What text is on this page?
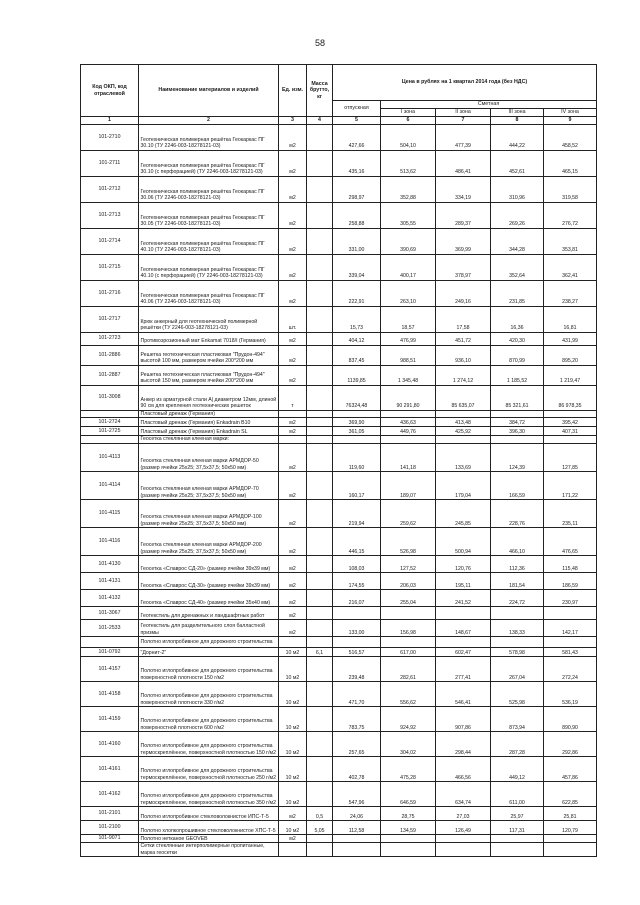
58
Код ОКП, код отраслевой	Наименование материалов и изделий	Ед. изм.	Масса брутто, кг	Цена в рублях на 1 квартал 2014 года (без НДС)				
				отпускная	Сметная			
					I зона	II зона	III зона	IV зона
1	2	3	4	5	6	7	8	9
101-2710	Геотехническая полимерная решётка Геокаркас ПГ 30.10 (ТУ 2246-003-18278121-03)	м2		427,66	504,10	477,39	444,22	458,52
101-2711	Геотехническая полимерная решётка Геокаркас ПГ 30.10 (с перфорацией) (ТУ 2246-003-18278121-03)	м2		435,16	513,62	486,41	452,61	465,15
101-2712	Геотехническая полимерная решётка Геокаркас ПГ 30.06 (ТУ 2246-003-18278121-03)	м2		298,97	352,88	334,19	310,96	319,58
101-2713	Геотехническая полимерная решётка Геокаркас ПГ 30.05 (ТУ 2246-003-18278121-03)	м2		258,88	305,55	289,37	269,26	276,72
101-2714	Геотехническая полимерная решётка Геокаркас ПГ 40.10 (ТУ 2246-003-18278121-03)	м2		331,00	390,69	369,99	344,28	353,81
101-2715	Геотехническая полимерная решётка Геокаркас ПГ 40.10 (с перфорацией) (ТУ 2246-003-18278121-03)	м2		339,04	400,17	378,97	352,64	362,41
101-2716	Геотехническая полимерная решётка Геокаркас ПГ 40.06 (ТУ 2246-003-18278121-03)	м2		222,91	263,10	249,16	231,85	238,27
101-2717	Крюк анкерный для геотехнической полимерной решётки (ТУ 2246-003-18278121-03)	шт.		15,73	18,57	17,58	16,36	16,81
101-2723	Противоэрозионный мат Enkamat 7018/I (Германия)	м2		404,12	476,99	451,72	420,30	431,99
101-2886	Решетка геотехническая пластиковая "Прудон-494" высотой 100 мм, размером ячейки 200*200 мм	м2		837,45	988,51	936,10	870,99	895,20
101-2887	Решетка геотехническая пластиковая "Прудон-494" высотой 150 мм, размером ячейки 200*200 мм	м2		1139,85	1 345,48	1 274,12	1 185,52	1 219,47
101-3008	Анкер из арматурной стали А| диаметром 12мм, длиной 90 см для крепления геотехнических решеток	т		76324,48	90 291,80	85 635,07	85 321,61	86 978,35
	Пластовый дренаж (Германия)							
101-2724	Пластовый дренаж (Германия) Enkadrain B10	м2		369,90	436,63	413,48	384,72	395,42
101-2725	Пластовый дренаж (Германия) Enkadrain SL	м2		361,05	449,76	425,92	396,30	407,31
	Геосетка стеклянная клееная марки:							
101-4113	Геосетка стеклянная клееная марки АРМДОР-50 (размер ячейки 25х25; 37,5х37,5; 50х50 мм)	м2		119,60	141,18	133,69	124,39	127,85
101-4114	Геосетка стеклянная клееная марки АРМДОР-70 (размер ячейки 25х25; 37,5х37,5; 50х50 мм)	м2		160,17	189,07	179,04	166,59	171,22
101-4115	Геосетка стеклянная клееная марки АРМДОР-100 (размер ячейки 25х25; 37,5х37,5; 50х50 мм)	м2		219,94	259,62	245,85	228,76	235,11
101-4116	Геосетка стеклянная клееная марки АРМДОР-200 (размер ячейки 25х25; 37,5х37,5; 50х50 мм)	м2		446,15	526,98	500,94	466,10	476,65
101-4130	Геосетка «Славрос СД-20» (размер ячейки 39х39 мм)	м2		108,03	127,52	120,76	112,36	115,48
101-4131	Геосетка «Славрос СД-30» (размер ячейки 39х39 мм)	м2		174,55	206,03	195,11	181,54	186,59
101-4132	Геосетка «Славрос СД-40» (размер ячейки 35х40 мм)	м2		216,07	255,04	241,52	224,72	230,97
101-3067	Геотекстиль для дренажных и ландшафтных работ	м2						
101-2533	Геотекстиль для разделительного слоя балластной призмы	м2		133,00	156,98	148,67	138,33	142,17
	Полотно иглопробивное для дорожного строительства							
101-0792	"Дорнит-2"	10 м2	6,1	516,57	617,00	602,47	578,98	581,43
101-4157	Полотно иглопробивное для дорожного строительства поверхностной плотности 150 г/м2	10 м2		239,48	282,61	277,41	267,04	272,24
101-4158	Полотно иглопробивное для дорожного строительства поверхностной плотности 330 г/м2	10 м2		471,70	556,62	546,41	525,98	536,19
101-4159	Полотно иглопробивное для дорожного строительства поверхностной плотности 600 г/м2	10 м2		783,75	924,92	907,86	873,94	890,90
101-4160	Полотно иглопробивное для дорожного строительства термоскреплённое, поверхностной плотностью 150 г/м2	10 м2		257,65	304,02	298,44	287,28	292,86
101-4161	Полотно иглопробивное для дорожного строительства термоскреплённое, поверхностной плотностью 250 г/м2	10 м2		402,78	475,28	466,56	449,12	457,86
101-4162	Полотно иглопробивное для дорожного строительства термоскреплённое, поверхностной плотностью 350 г/м2	10 м2		547,96	646,59	634,74	611,00	622,85
101-2101	Полотно иглопробивное стекловолокнистое ИПС-Т-5	м2	0,5	24,06	28,75	27,03	25,97	25,81
101-2100	Полотно хлопкопрошивное стекловолокнистое ХПС-Т-5	10 м2	5,05	112,58	134,59	126,49	117,31	120,79
101-9071	Полотно нетканое GEOVEB	м2						
	Сетки стеклянные интерполимерные пропитанные, марка геосетки							
